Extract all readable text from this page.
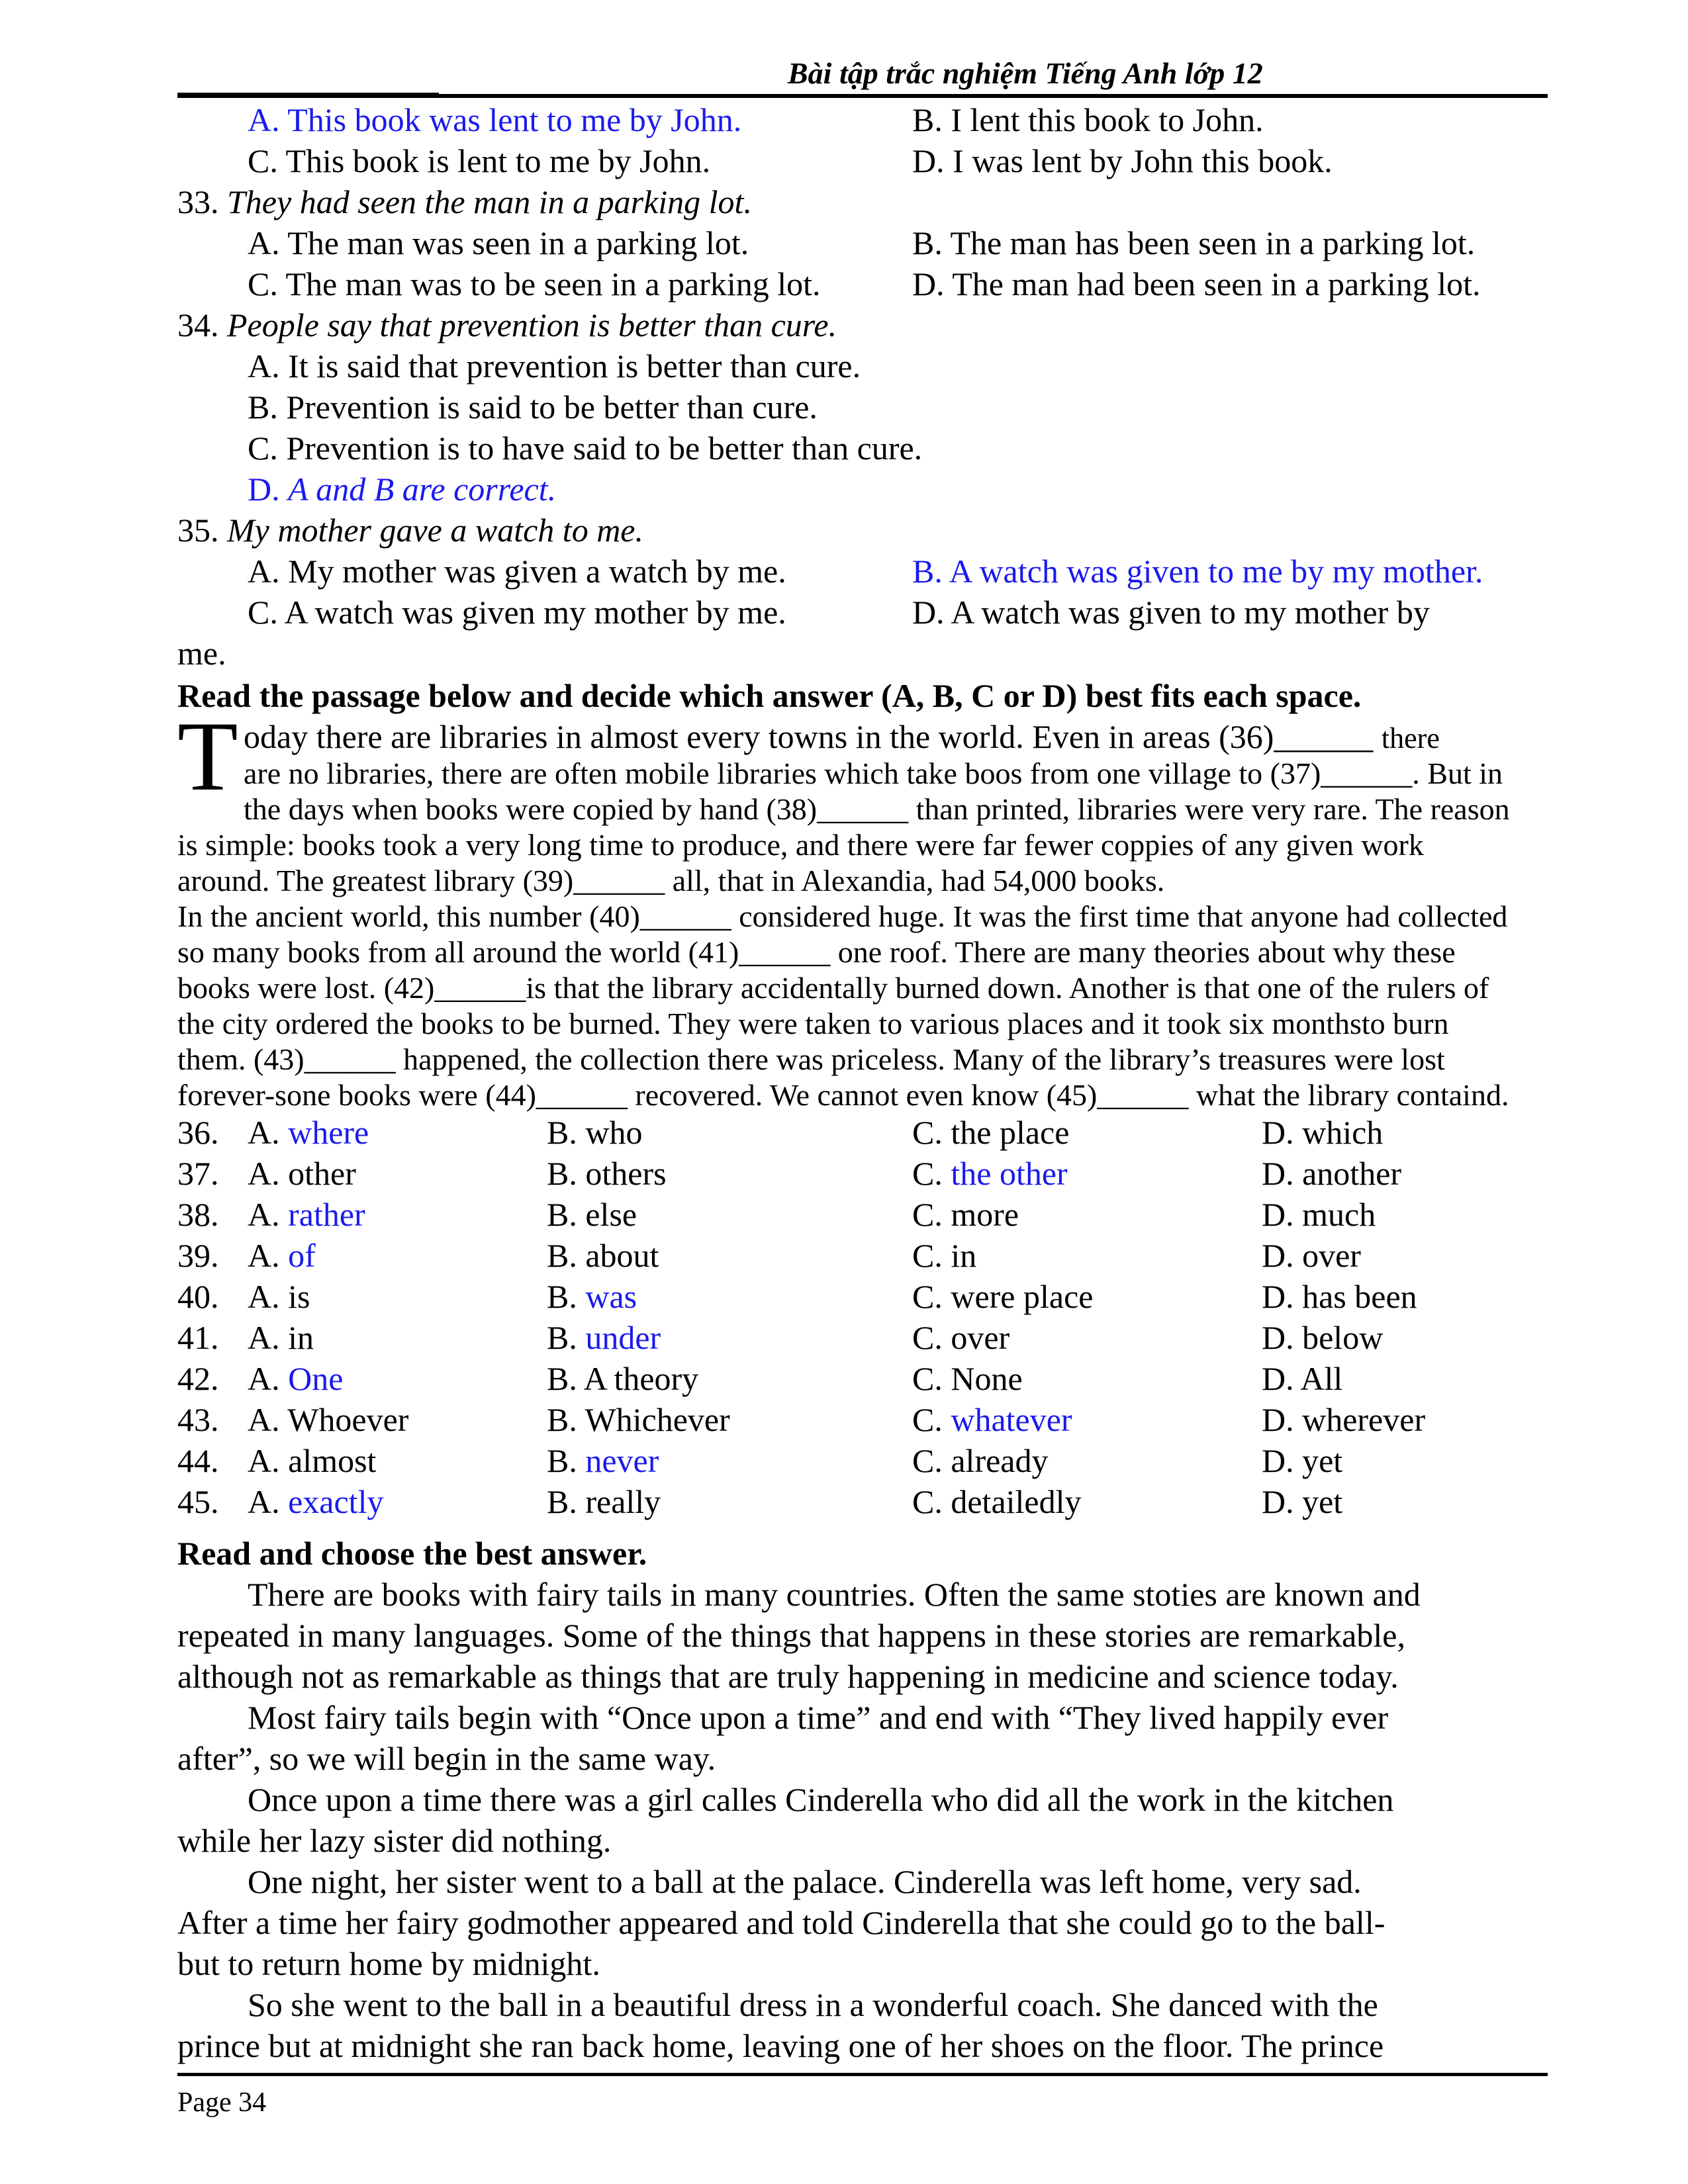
Bài tập trắc nghiệm Tiếng Anh lớp 12
A. This book was lent to me by John.	B. I lent this book to John.
C. This book is lent to me by John.	D. I was lent by John this book.
33. They had seen the man in a parking lot.
A. The man was seen in a parking lot.	B. The man has been seen in a parking lot.
C. The man was to be seen in a parking lot.	D. The man had been seen in a parking lot.
34. People say that prevention is better than cure.
A. It is said that prevention is better than cure.
B. Prevention is said to be better than cure.
C. Prevention is to have said to be better than cure.
D. A and B are correct.
35. My mother gave a watch to me.
A. My mother was given a watch by me.	B. A watch was given to me by my mother.
C. A watch was given my mother by me.	D. A watch was given to my mother by
me.
Read the passage below and decide which answer (A, B, C or D) best fits each space.
T oday there are libraries in almost every towns in the world. Even in areas (36)______ there
are no libraries, there are often mobile libraries which take boos from one village to (37)______. But in
the days when books were copied by hand (38)______ than printed, libraries were very rare. The reason
is simple: books took a very long time to produce, and there were far fewer coppies of any given work
around. The greatest library (39)______ all, that in Alexandia, had 54,000 books.
In the ancient world, this number (40)______ considered huge. It was the first time that anyone had collected
so many books from all around the world (41)______ one roof. There are many theories about why these
books were lost. (42)______is that the library accidentally burned down. Another is that one of the rulers of
the city ordered the books to be burned. They were taken to various places and it took six monthsto burn
them. (43)______ happened, the collection there was priceless. Many of the library’s treasures were lost
forever-sone books were (44)______ recovered. We cannot even know (45)______ what the library containd.
36. A. where	B. who	C. the place	D. which
37. A. other	B. others	C. the other	D. another
38. A. rather	B. else	C. more	D. much
39. A. of	B. about	C. in	D. over
40. A. is	B. was	C. were place	D. has been
41. A. in	B. under	C. over	D. below
42. A. One	B. A theory	C. None	D. All
43. A. Whoever	B. Whichever	C. whatever	D. wherever
44. A. almost	B. never	C. already	D. yet
45. A. exactly	B. really	C. detailedly	D. yet
Read and choose the best answer.
There are books with fairy tails in many countries. Often the same stoties are known and
repeated in many languages. Some of the things that happens in these stories are remarkable,
although not as remarkable as things that are truly happening in medicine and science today.
Most fairy tails begin with “Once upon a time” and end with “They lived happily ever
after”, so we will begin in the same way.
Once upon a time there was a girl calles Cinderella who did all the work in the kitchen
while her lazy sister did nothing.
One night, her sister went to a ball at the palace. Cinderella was left home, very sad.
After a time her fairy godmother appeared and told Cinderella that she could go to the ball-
but to return home by midnight.
So she went to the ball in a beautiful dress in a wonderful coach. She danced with the
prince but at midnight she ran back home, leaving one of her shoes on the floor. The prince
Page 34
